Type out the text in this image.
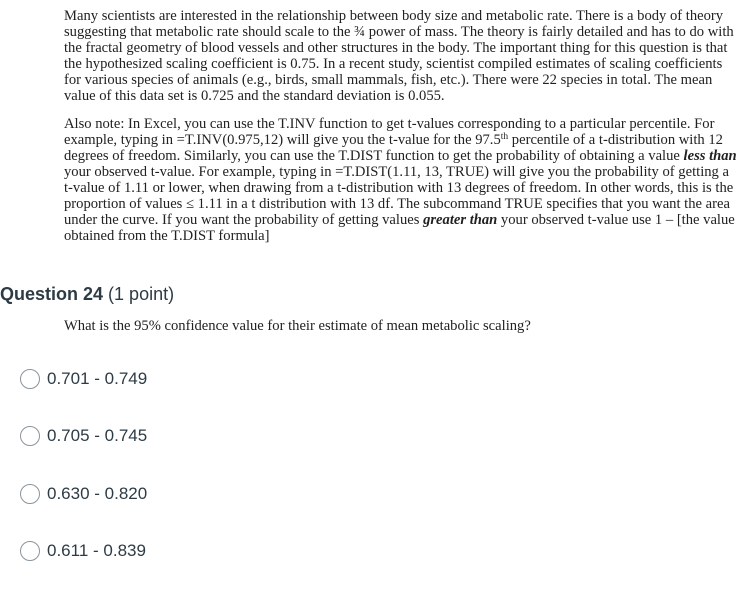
Many scientists are interested in the relationship between body size and metabolic rate. There is a body of theory suggesting that metabolic rate should scale to the ¾ power of mass. The theory is fairly detailed and has to do with the fractal geometry of blood vessels and other structures in the body. The important thing for this question is that the hypothesized scaling coefficient is 0.75. In a recent study, scientist compiled estimates of scaling coefficients for various species of animals (e.g., birds, small mammals, fish, etc.). There were 22 species in total. The mean value of this data set is 0.725 and the standard deviation is 0.055.

Also note: In Excel, you can use the T.INV function to get t-values corresponding to a particular percentile. For example, typing in =T.INV(0.975,12) will give you the t-value for the 97.5th percentile of a t-distribution with 12 degrees of freedom. Similarly, you can use the T.DIST function to get the probability of obtaining a value less than your observed t-value. For example, typing in =T.DIST(1.11, 13, TRUE) will give you the probability of getting a t-value of 1.11 or lower, when drawing from a t-distribution with 13 degrees of freedom. In other words, this is the proportion of values ≤ 1.11 in a t distribution with 13 df. The subcommand TRUE specifies that you want the area under the curve. If you want the probability of getting values greater than your observed t-value use 1 – [the value obtained from the T.DIST formula]

Question 24 (1 point)
What is the 95% confidence value for their estimate of mean metabolic scaling?
0.701 - 0.749
0.705 - 0.745
0.630 - 0.820
0.611 - 0.839
